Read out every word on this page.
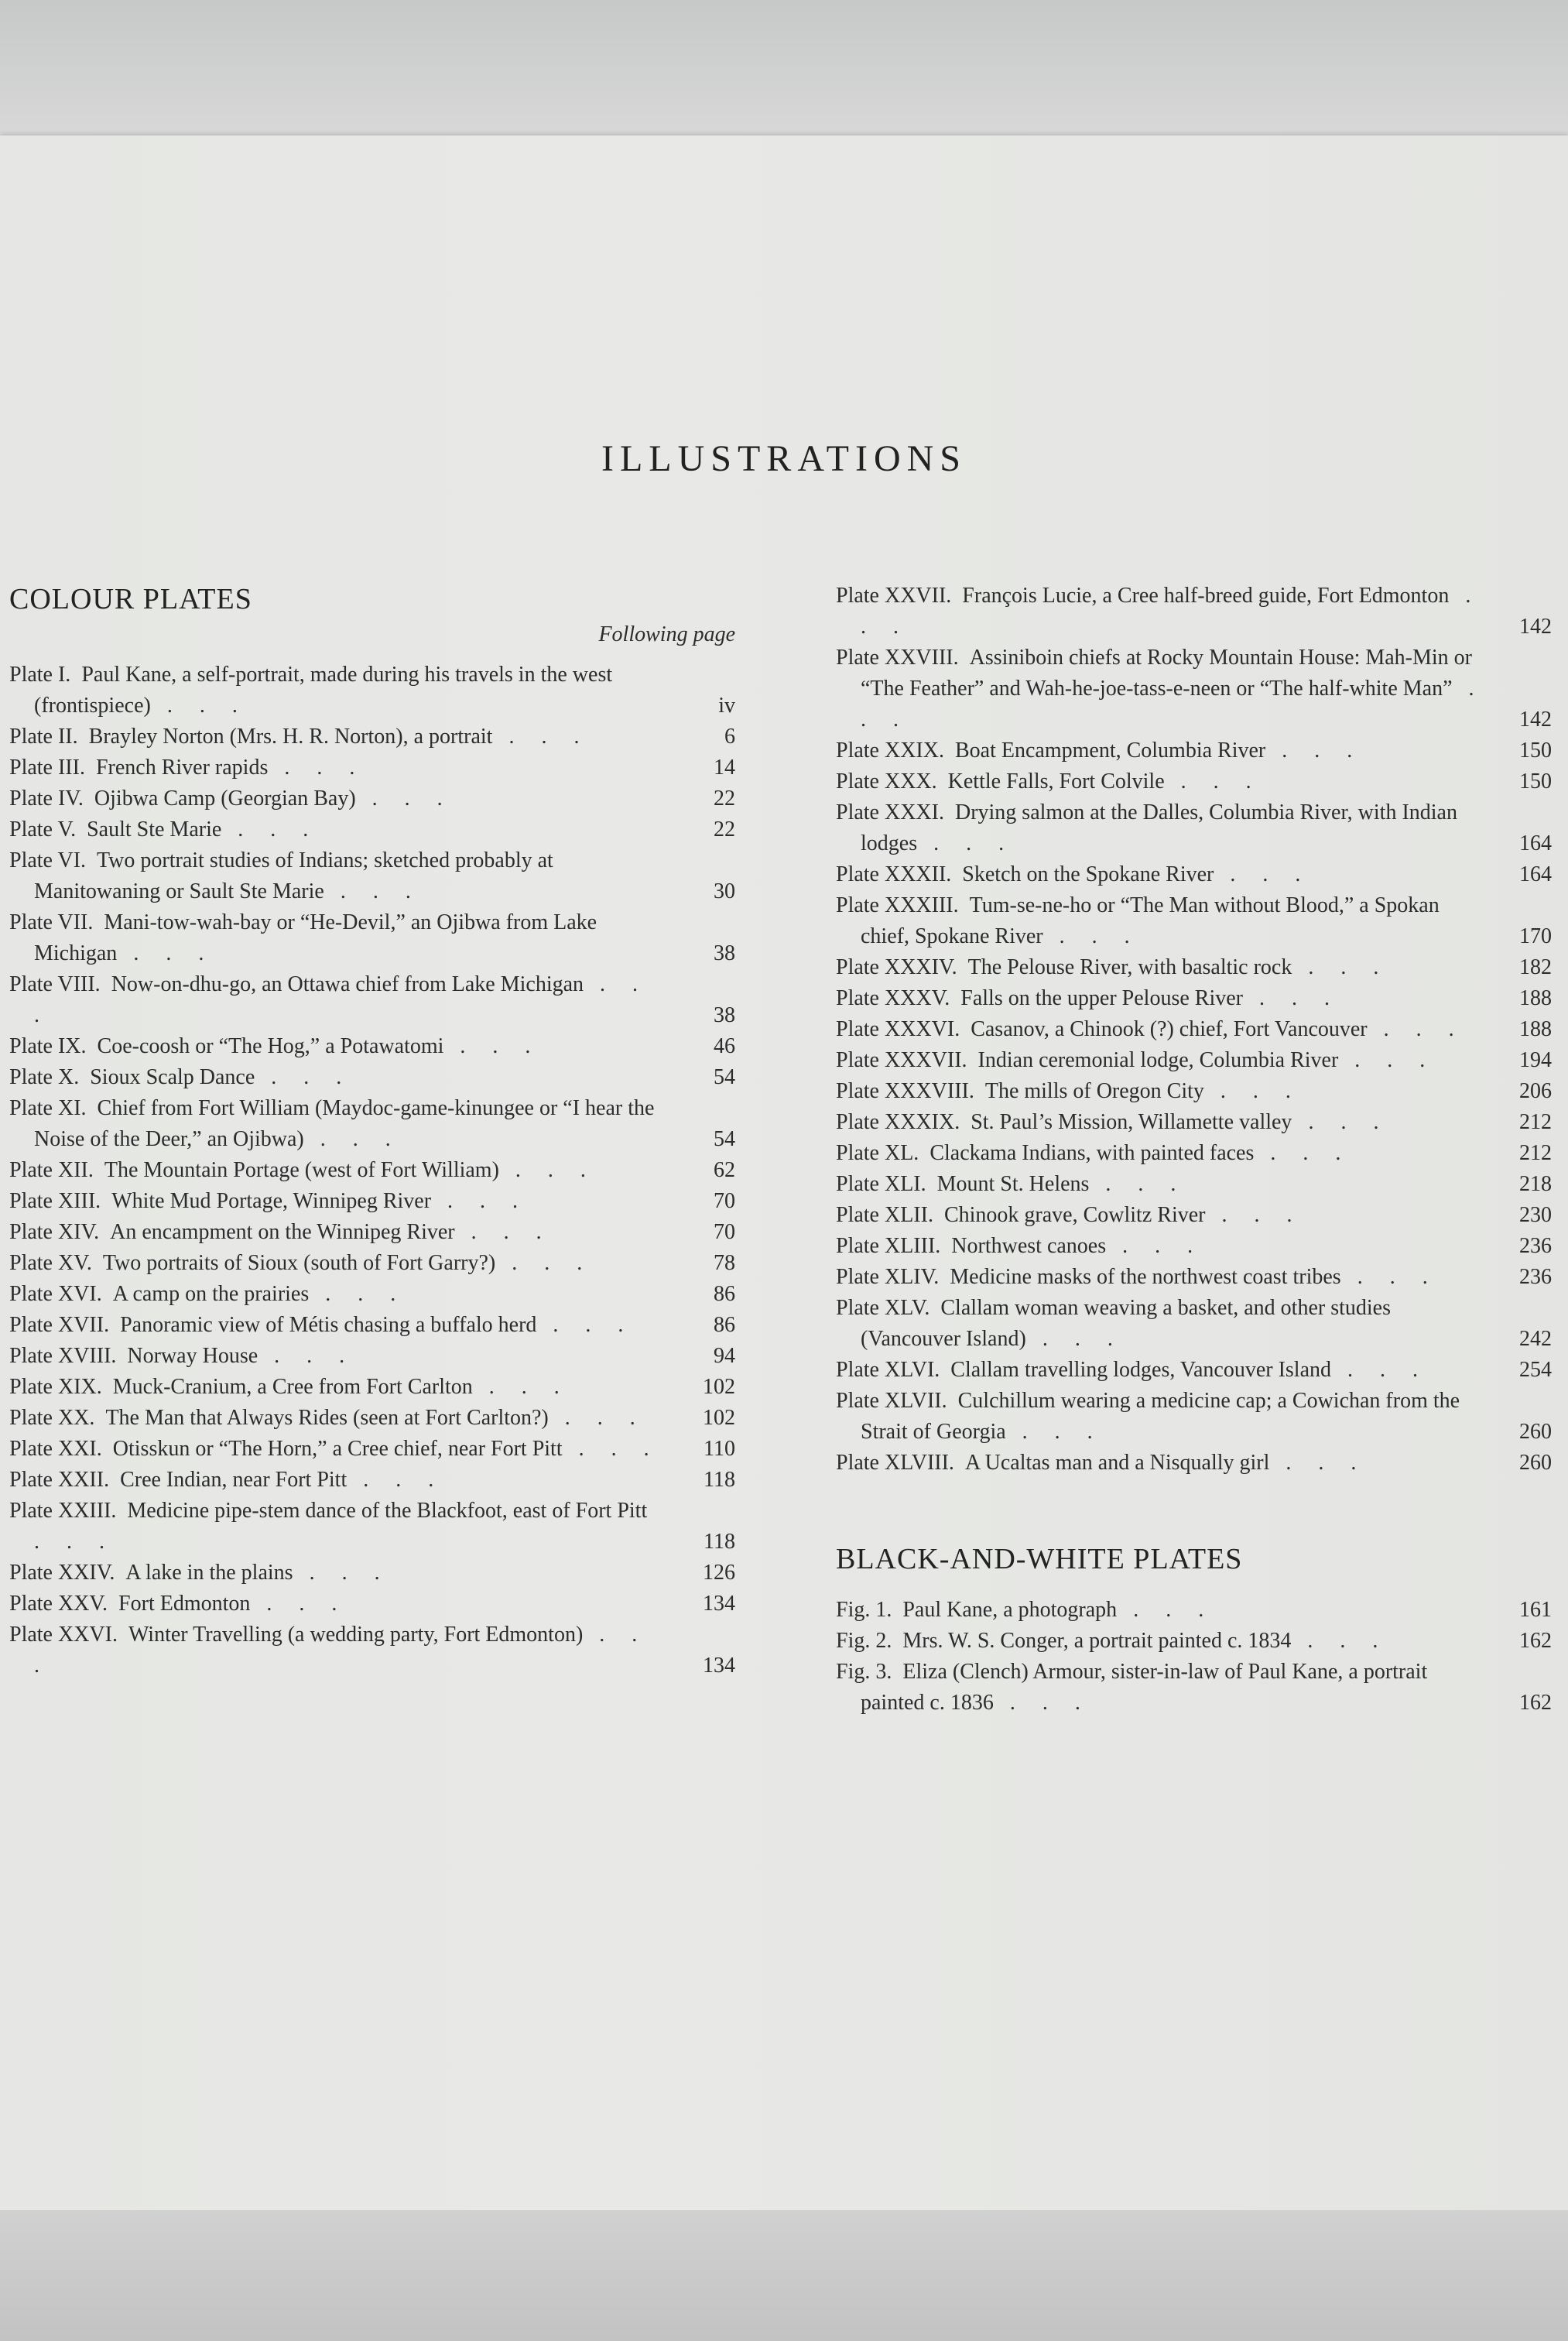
ILLUSTRATIONS
COLOUR PLATES
Following page
Plate I.  Paul Kane, a self-portrait, made during his travels in the west (frontispiece) . . .	iv
Plate II.  Brayley Norton (Mrs. H. R. Norton), a portrait . . .	6
Plate III.  French River rapids . . .	14
Plate IV.  Ojibwa Camp (Georgian Bay) . . .	22
Plate V.  Sault Ste Marie . . .	22
Plate VI.  Two portrait studies of Indians; sketched probably at Manitowaning or Sault Ste Marie . . .	30
Plate VII.  Mani-tow-wah-bay or “He-Devil,” an Ojibwa from Lake Michigan . . .	38
Plate VIII.  Now-on-dhu-go, an Ottawa chief from Lake Michigan . . .	38
Plate IX.  Coe-coosh or “The Hog,” a Potawatomi . . .	46
Plate X.  Sioux Scalp Dance . . .	54
Plate XI.  Chief from Fort William (Maydoc-game-kinungee or “I hear the Noise of the Deer,” an Ojibwa) . . .	54
Plate XII.  The Mountain Portage (west of Fort William) . . .	62
Plate XIII.  White Mud Portage, Winnipeg River . . .	70
Plate XIV.  An encampment on the Winnipeg River . . .	70
Plate XV.  Two portraits of Sioux (south of Fort Garry?) . . .	78
Plate XVI.  A camp on the prairies . . .	86
Plate XVII.  Panoramic view of Métis chasing a buffalo herd . . .	86
Plate XVIII.  Norway House . . .	94
Plate XIX.  Muck-Cranium, a Cree from Fort Carlton . . .	102
Plate XX.  The Man that Always Rides (seen at Fort Carlton?) . . .	102
Plate XXI.  Otisskun or “The Horn,” a Cree chief, near Fort Pitt . . .	110
Plate XXII.  Cree Indian, near Fort Pitt . . .	118
Plate XXIII.  Medicine pipe-stem dance of the Blackfoot, east of Fort Pitt . . .	118
Plate XXIV.  A lake in the plains . . .	126
Plate XXV.  Fort Edmonton . . .	134
Plate XXVI.  Winter Travelling (a wedding party, Fort Edmonton) . . .	134
Plate XXVII.  François Lucie, a Cree half-breed guide, Fort Edmonton . . .	142
Plate XXVIII.  Assiniboin chiefs at Rocky Mountain House: Mah-Min or “The Feather” and Wah-he-joe-tass-e-neen or “The half-white Man” . . .	142
Plate XXIX.  Boat Encampment, Columbia River . . .	150
Plate XXX.  Kettle Falls, Fort Colvile . . .	150
Plate XXXI.  Drying salmon at the Dalles, Columbia River, with Indian lodges . . .	164
Plate XXXII.  Sketch on the Spokane River . . .	164
Plate XXXIII.  Tum-se-ne-ho or “The Man without Blood,” a Spokan chief, Spokane River . . .	170
Plate XXXIV.  The Pelouse River, with basaltic rock . . .	182
Plate XXXV.  Falls on the upper Pelouse River . . .	188
Plate XXXVI.  Casanov, a Chinook (?) chief, Fort Vancouver . . .	188
Plate XXXVII.  Indian ceremonial lodge, Columbia River . . .	194
Plate XXXVIII.  The mills of Oregon City . . .	206
Plate XXXIX.  St. Paul’s Mission, Willamette valley . . .	212
Plate XL.  Clackama Indians, with painted faces . . .	212
Plate XLI.  Mount St. Helens . . .	218
Plate XLII.  Chinook grave, Cowlitz River . . .	230
Plate XLIII.  Northwest canoes . . .	236
Plate XLIV.  Medicine masks of the northwest coast tribes . . .	236
Plate XLV.  Clallam woman weaving a basket, and other studies (Vancouver Island) . . .	242
Plate XLVI.  Clallam travelling lodges, Vancouver Island . . .	254
Plate XLVII.  Culchillum wearing a medicine cap; a Cowichan from the Strait of Georgia . . .	260
Plate XLVIII.  A Ucaltas man and a Nisqually girl . . .	260
BLACK-AND-WHITE PLATES
Fig. 1.  Paul Kane, a photograph . . .	161
Fig. 2.  Mrs. W. S. Conger, a portrait painted c. 1834 . . .	162
Fig. 3.  Eliza (Clench) Armour, sister-in-law of Paul Kane, a portrait painted c. 1836 . . .	162
